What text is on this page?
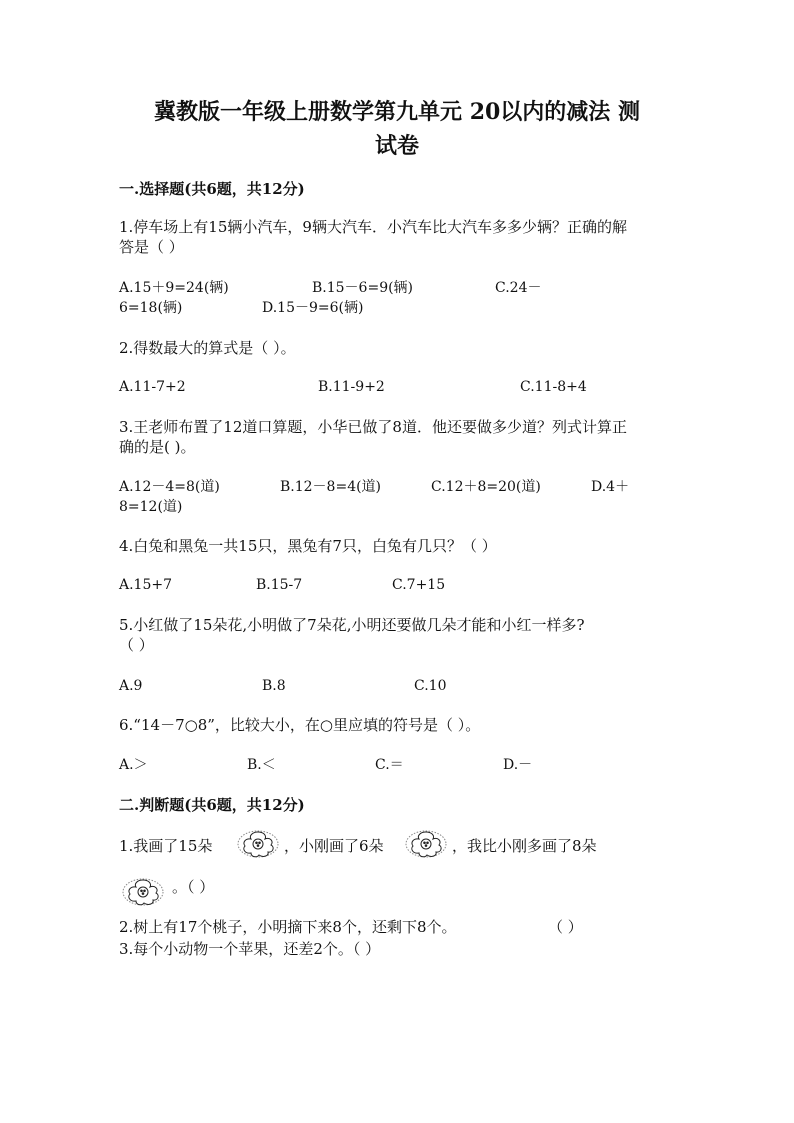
冀教版一年级上册数学第九单元 20以内的减法 测
试卷
一.选择题(共6题，共12分)
1.停车场上有15辆小汽车，9辆大汽车．小汽车比大汽车多多少辆？正确的解
答是（ ）
A.15＋9=24(辆)	B.15－6=9(辆)	C.24－
6=18(辆)	D.15－9=6(辆)
2.得数最大的算式是（ ）。
A.11-7+2	B.11-9+2	C.11-8+4
3.王老师布置了12道口算题，小华已做了8道．他还要做多少道？列式计算正
确的是( )。
A.12－4=8(道)	B.12－8=4(道)	C.12＋8=20(道)	D.4＋
8=12(道)
4.白兔和黑兔一共15只，黑兔有7只，白兔有几只？（ ）
A.15+7	B.15-7	C.7+15
5.小红做了15朵花,小明做了7朵花,小明还要做几朵才能和小红一样多?
（ ）
A.9	B.8	C.10
6.“14－7○8”，比较大小，在○里应填的符号是（ ）。
A.＞	B.＜	C.＝	D.－
二.判断题(共6题，共12分)
1.我画了15朵	，小刚画了6朵	，我比小刚多画了8朵
。（ ）
2.树上有17个桃子，小明摘下来8个，还剩下8个。	（ ）
3.每个小动物一个苹果，还差2个。（ ）
